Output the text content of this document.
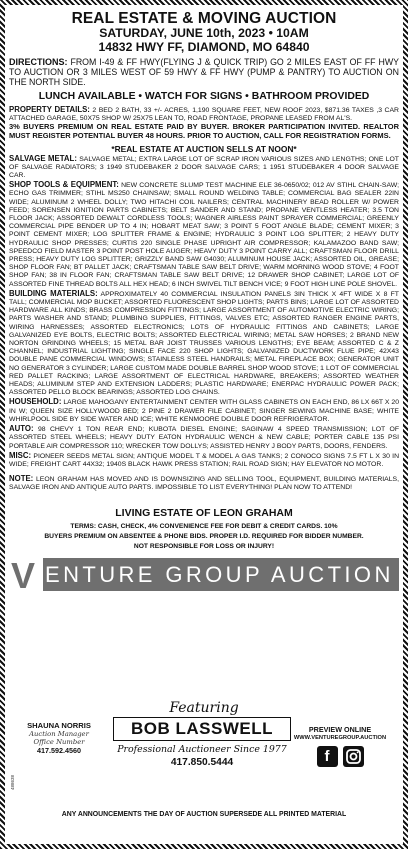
REAL ESTATE & MOVING AUCTION
SATURDAY, JUNE 10th, 2023 • 10AM
14832 HWY FF, DIAMOND, MO 64840

DIRECTIONS: FROM I-49 & FF HWY(FLYING J & QUICK TRIP) GO 2 MILES EAST OF FF HWY TO AUCTION OR 3 MILES WEST OF 59 HWY & FF HWY (PUMP & PANTRY) TO AUCTION ON THE NORTH SIDE.

LUNCH AVAILABLE • WATCH FOR SIGNS • BATHROOM PROVIDED

PROPERTY DETAILS: 2 BED 2 BATH, 33 +/- ACRES, 1,190 SQUARE FEET, NEW ROOF 2023, $871.36 TAXES ,3 CAR ATTACHED GARAGE, 50X75 SHOP W/ 25X75 LEAN TO, ROAD FRONTAGE, PROPANE LEASED FROM AL'S.

3% BUYERS PREMIUM ON REAL ESTATE PAID BY BUYER. BROKER PARTICIPATION INVITED. REALTOR MUST REGISTER POTENTIAL BUYER 48 HOURS. PRIOR TO AUCTION, CALL FOR REGISTRATION FORMS.

*REAL ESTATE AT AUCTION SELLS AT NOON*

SALVAGE METAL: SALVAGE METAL; EXTRA LARGE LOT OF SCRAP IRON VARIOUS SIZES AND LENGTHS; ONE LOT OF SALVAGE RADIATORS; 3 1949 STUDEBAKER 2 DOOR SALVAGE CARS; 1 1951 STUDEBAKER 4 DOOR SALVAGE CAR.

SHOP TOOLS & EQUIPMENT: NEW CONCRETE SLUMP TEST MACHINE ELE 36-0650/02; 012 AV STIHL CHAIN-SAW; ECHO GAS TRIMMER; STIHL MS250 CHAINSAW; SMALL ROUND WELDING TABLE; COMMERCIAL BAG SEALER 22IN WIDE; ALUMINUM 2 WHEEL DOLLY; TWO HITACHI COIL NAILERS; CENTRAL MACHINERY BEAD ROLLER W/ POWER FEED; SORENSEN IGNITION PARTS CABINETS; BELT SANDER AND STAND; PROPANE VENTLESS HEATER; 3.5 TON FLOOR JACK; ASSORTED DEWALT CORDLESS TOOLS; WAGNER AIRLESS PAINT SPRAYER COMMERCIAL; GREENLY COMMERCIAL PIPE BENDER UP TO 4 IN; HOBART MEAT SAW; 3 POINT 5 FOOT ANGLE BLADE; CEMENT MIXER; 3 POINT CEMENT MIXER; LOG SPLITTER FRAME & ENGINE; HYDRAULIC 3 POINT LOG SPLITTER; 2 HEAVY DUTY HYDRAULIC SHOP PRESSES; CURTIS 220 SINGLE PHASE UPRIGHT AIR COMPRESSOR; KALAMAZOO BAND SAW; SPEEDCO FIELD MASTER 3 POINT POST HOLE AUGER; HEAVY DUTY 3 POINT CARRY ALL; CRAFTSMAN FLOOR DRILL PRESS; HEAVY DUTY LOG SPLITTER; GRIZZLY BAND SAW G4030; ALUMINUM HOUSE JACK; ASSORTED OIL, GREASE; SHOP FLOOR FAN; BT PALLET JACK; CRAFTSMAN TABLE SAW BELT DRIVE; WARM MORNING WOOD STOVE; 4 FOOT SHOP FAN; 38 IN FLOOR FAN; CRAFTSMAN TABLE SAW BELT DRIVE; 12 DRAWER SHOP CABINET; LARGE LOT OF ASSORTED FINE THREAD BOLTS ALL HEX HEAD; 6 INCH SWIVEL TILT BENCH VICE; 9 FOOT HIGH LINE POLE SHOVEL.

BUILDING MATERIALS: APPROXIMATELY 40 COMMERCIAL INSULATION PANELS 3IN THICK X 4FT WIDE X 8 FT TALL; COMMERCIAL MOP BUCKET; ASSORTED FLUORESCENT SHOP LIGHTS; PARTS BINS; LARGE LOT OF ASSORTED HARDWARE ALL KINDS; BRASS COMPRESSION FITTINGS; LARGE ASSORTMENT OF AUTOMOTIVE ELECTRIC WIRING; PARTS WASHER AND STAND; PLUMBING SUPPLIES, FITTINGS, VALVES ETC; ASSORTED RANGER ENGINE PARTS, WIRING HARNESSES; ASSORTED ELECTRONICS; LOTS OF HYDRAULIC FITTINGS AND CABINETS; LARGE GALVANIZED EYE BOLTS, ELECTRIC BOLTS; ASSORTED ELECTRICAL WIRING; METAL SAW HORSES; 2 BRAND NEW NORTON GRINDING WHEELS; 15 METAL BAR JOIST TRUSSES VARIOUS LENGTHS; EYE BEAM; ASSORTED C & Z CHANNEL; INDUSTRIAL LIGHTING; SINGLE FACE 220 SHOP LIGHTS; GALVANIZED DUCTWORK FLUE PIPE; 42X43 DOUBLE PANE COMMERCIAL WINDOWS; STAINLESS STEEL HANDRAILS; METAL FIREPLACE BOX; GENERATOR UNIT NO GENERATOR 3 CYLINDER; LARGE CUSTOM MADE DOUBLE BARREL SHOP WOOD STOVE; 1 LOT OF COMMERCIAL RED PALLET RACKING; LARGE ASSORTMENT OF ELECTRICAL HARDWARE, BREAKERS; ASSORTED WEATHER HEADS; ALUMINUM STEP AND EXTENSION LADDERS; PLASTIC HARDWARE; ENERPAC HYDRAULIC POWER PACK; ASSORTED PELLO BLOCK BEARINGS; ASSORTED LOG CHAINS.

HOUSEHOLD: LARGE MAHOGANY ENTERTAINMENT CENTER WITH GLASS CABINETS ON EACH END, 86 LX 66T X 20 IN W; QUEEN SIZE HOLLYWOOD BED; 2 PINE 2 DRAWER FILE CABINET; SINGER SEWING MACHINE BASE; WHITE WHIRLPOOL SIDE BY SIDE WATER AND ICE; WHITE KENMOORE DOUBLE DOOR REFRIGERATOR.

AUTO: 98 CHEVY 1 TON REAR END; KUBOTA DIESEL ENGINE; SAGINAW 4 SPEED TRANSMISSION; LOT OF ASSORTED STEEL WHEELS; HEAVY DUTY EATON HYDRAULIC WENCH & NEW CABLE; PORTER CABLE 135 PSI PORTABLE AIR COMPRESSOR 110; WRECKER TOW DOLLYS; ASSISTED HENRY J BODY PARTS, DOORS, FENDERS.

MISC: PIONEER SEEDS METAL SIGN; ANTIQUE MODEL T & MODEL A GAS TANKS; 2 CONOCO SIGNS 7.5 FT L X 30 IN WIDE; FREIGHT CART 44X32; 1940S BLACK HAWK PRESS STATION; RAIL ROAD SIGN; HAY ELEVATOR NO MOTOR.

NOTE: LEON GRAHAM HAS MOVED AND IS DOWNSIZING AND SELLING TOOL, EQUIPMENT, BUILDING MATERIALS, SALVAGE IRON AND ANTIQUE AUTO PARTS. IMPOSSIBLE TO LIST EVERYTHING! PLAN NOW TO ATTEND!

LIVING ESTATE OF LEON GRAHAM
TERMS: CASH, CHECK, 4% CONVENIENCE FEE FOR DEBIT & CREDIT CARDS. 10%
BUYERS PREMIUM ON ABSENTEE & PHONE BIDS. PROPER I.D. REQUIRED FOR BIDDER NUMBER.
NOT RESPONSIBLE FOR LOSS OR INJURY!
V ENTURE GROUP AUCTION
Featuring
SHAUNA NORRIS
Auction Manager
Office Number
417.592.4560
BOB LASSWELL
Professional Auctioneer Since 1977
417.850.5444
PREVIEW ONLINE
WWW.VENTUREGROUP.AUCTION
f
488638
ANY ANNOUNCEMENTS THE DAY OF AUCTION SUPERSEDE ALL PRINTED MATERIAL
